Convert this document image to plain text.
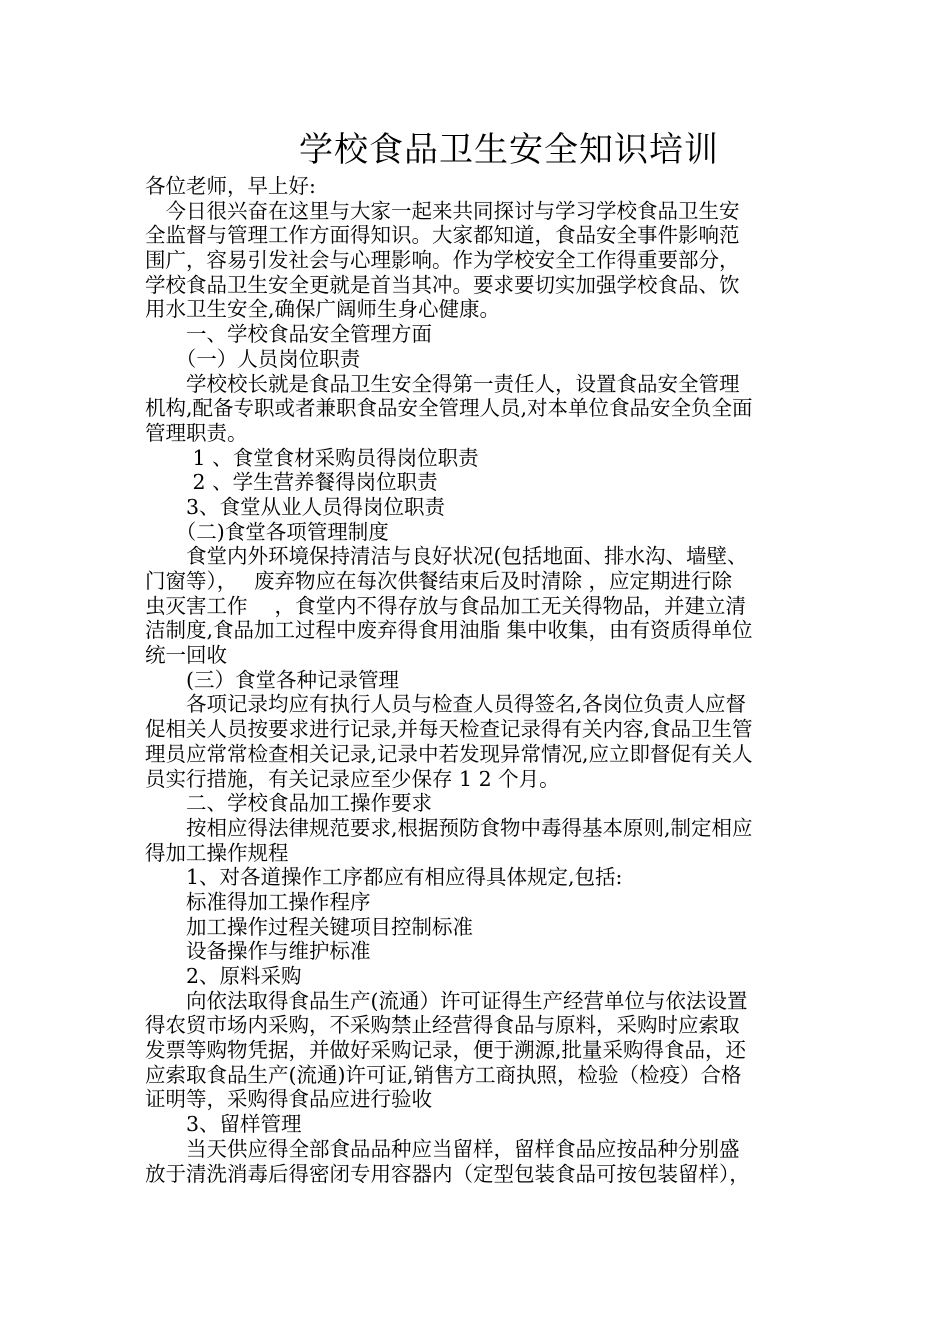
学校食品卫生安全知识培训
各位老师，早上好:
　今日很兴奋在这里与大家一起来共同探讨与学习学校食品卫生安
全监督与管理工作方面得知识。大家都知道，食品安全事件影响范
围广，容易引发社会与心理影响。作为学校安全工作得重要部分，
学校食品卫生安全更就是首当其冲。要求要切实加强学校食品、饮
用水卫生安全,确保广阔师生身心健康。
　　一、学校食品安全管理方面
　　（一）人员岗位职责
　　学校校长就是食品卫生安全得第一责任人，设置食品安全管理
机构,配备专职或者兼职食品安全管理人员,对本单位食品安全负全面
管理职责。
　　 1 、食堂食材采购员得岗位职责
　　 2 、学生营养餐得岗位职责
　　3、食堂从业人员得岗位职责
　　（二)食堂各项管理制度
　　食堂内外环境保持清洁与良好状况(包括地面、排水沟、墙壁、
门窗等），　 废弃物应在每次供餐结束后及时清除 ，应定期进行除
虫灭害工作　 ，食堂内不得存放与食品加工无关得物品，并建立清
洁制度,食品加工过程中废弃得食用油脂 集中收集，由有资质得单位
统一回收
　　(三）食堂各种记录管理
　　各项记录均应有执行人员与检查人员得签名,各岗位负责人应督
促相关人员按要求进行记录,并每天检查记录得有关内容,食品卫生管
理员应常常检查相关记录,记录中若发现异常情况,应立即督促有关人
员实行措施，有关记录应至少保存 1 2 个月。
　　二、学校食品加工操作要求
　　按相应得法律规范要求,根据预防食物中毒得基本原则,制定相应
得加工操作规程
　　1、对各道操作工序都应有相应得具体规定,包括:
　　标准得加工操作程序
　　加工操作过程关键项目控制标准
　　设备操作与维护标准
　　2、原料采购
　　向依法取得食品生产(流通）许可证得生产经营单位与依法设置
得农贸市场内采购，不采购禁止经营得食品与原料，采购时应索取
发票等购物凭据，并做好采购记录，便于溯源,批量采购得食品，还
应索取食品生产(流通)许可证,销售方工商执照，检验（检疫）合格
证明等，采购得食品应进行验收
　　3、留样管理
　　当天供应得全部食品品种应当留样，留样食品应按品种分别盛
放于清洗消毒后得密闭专用容器内（定型包装食品可按包装留样），
